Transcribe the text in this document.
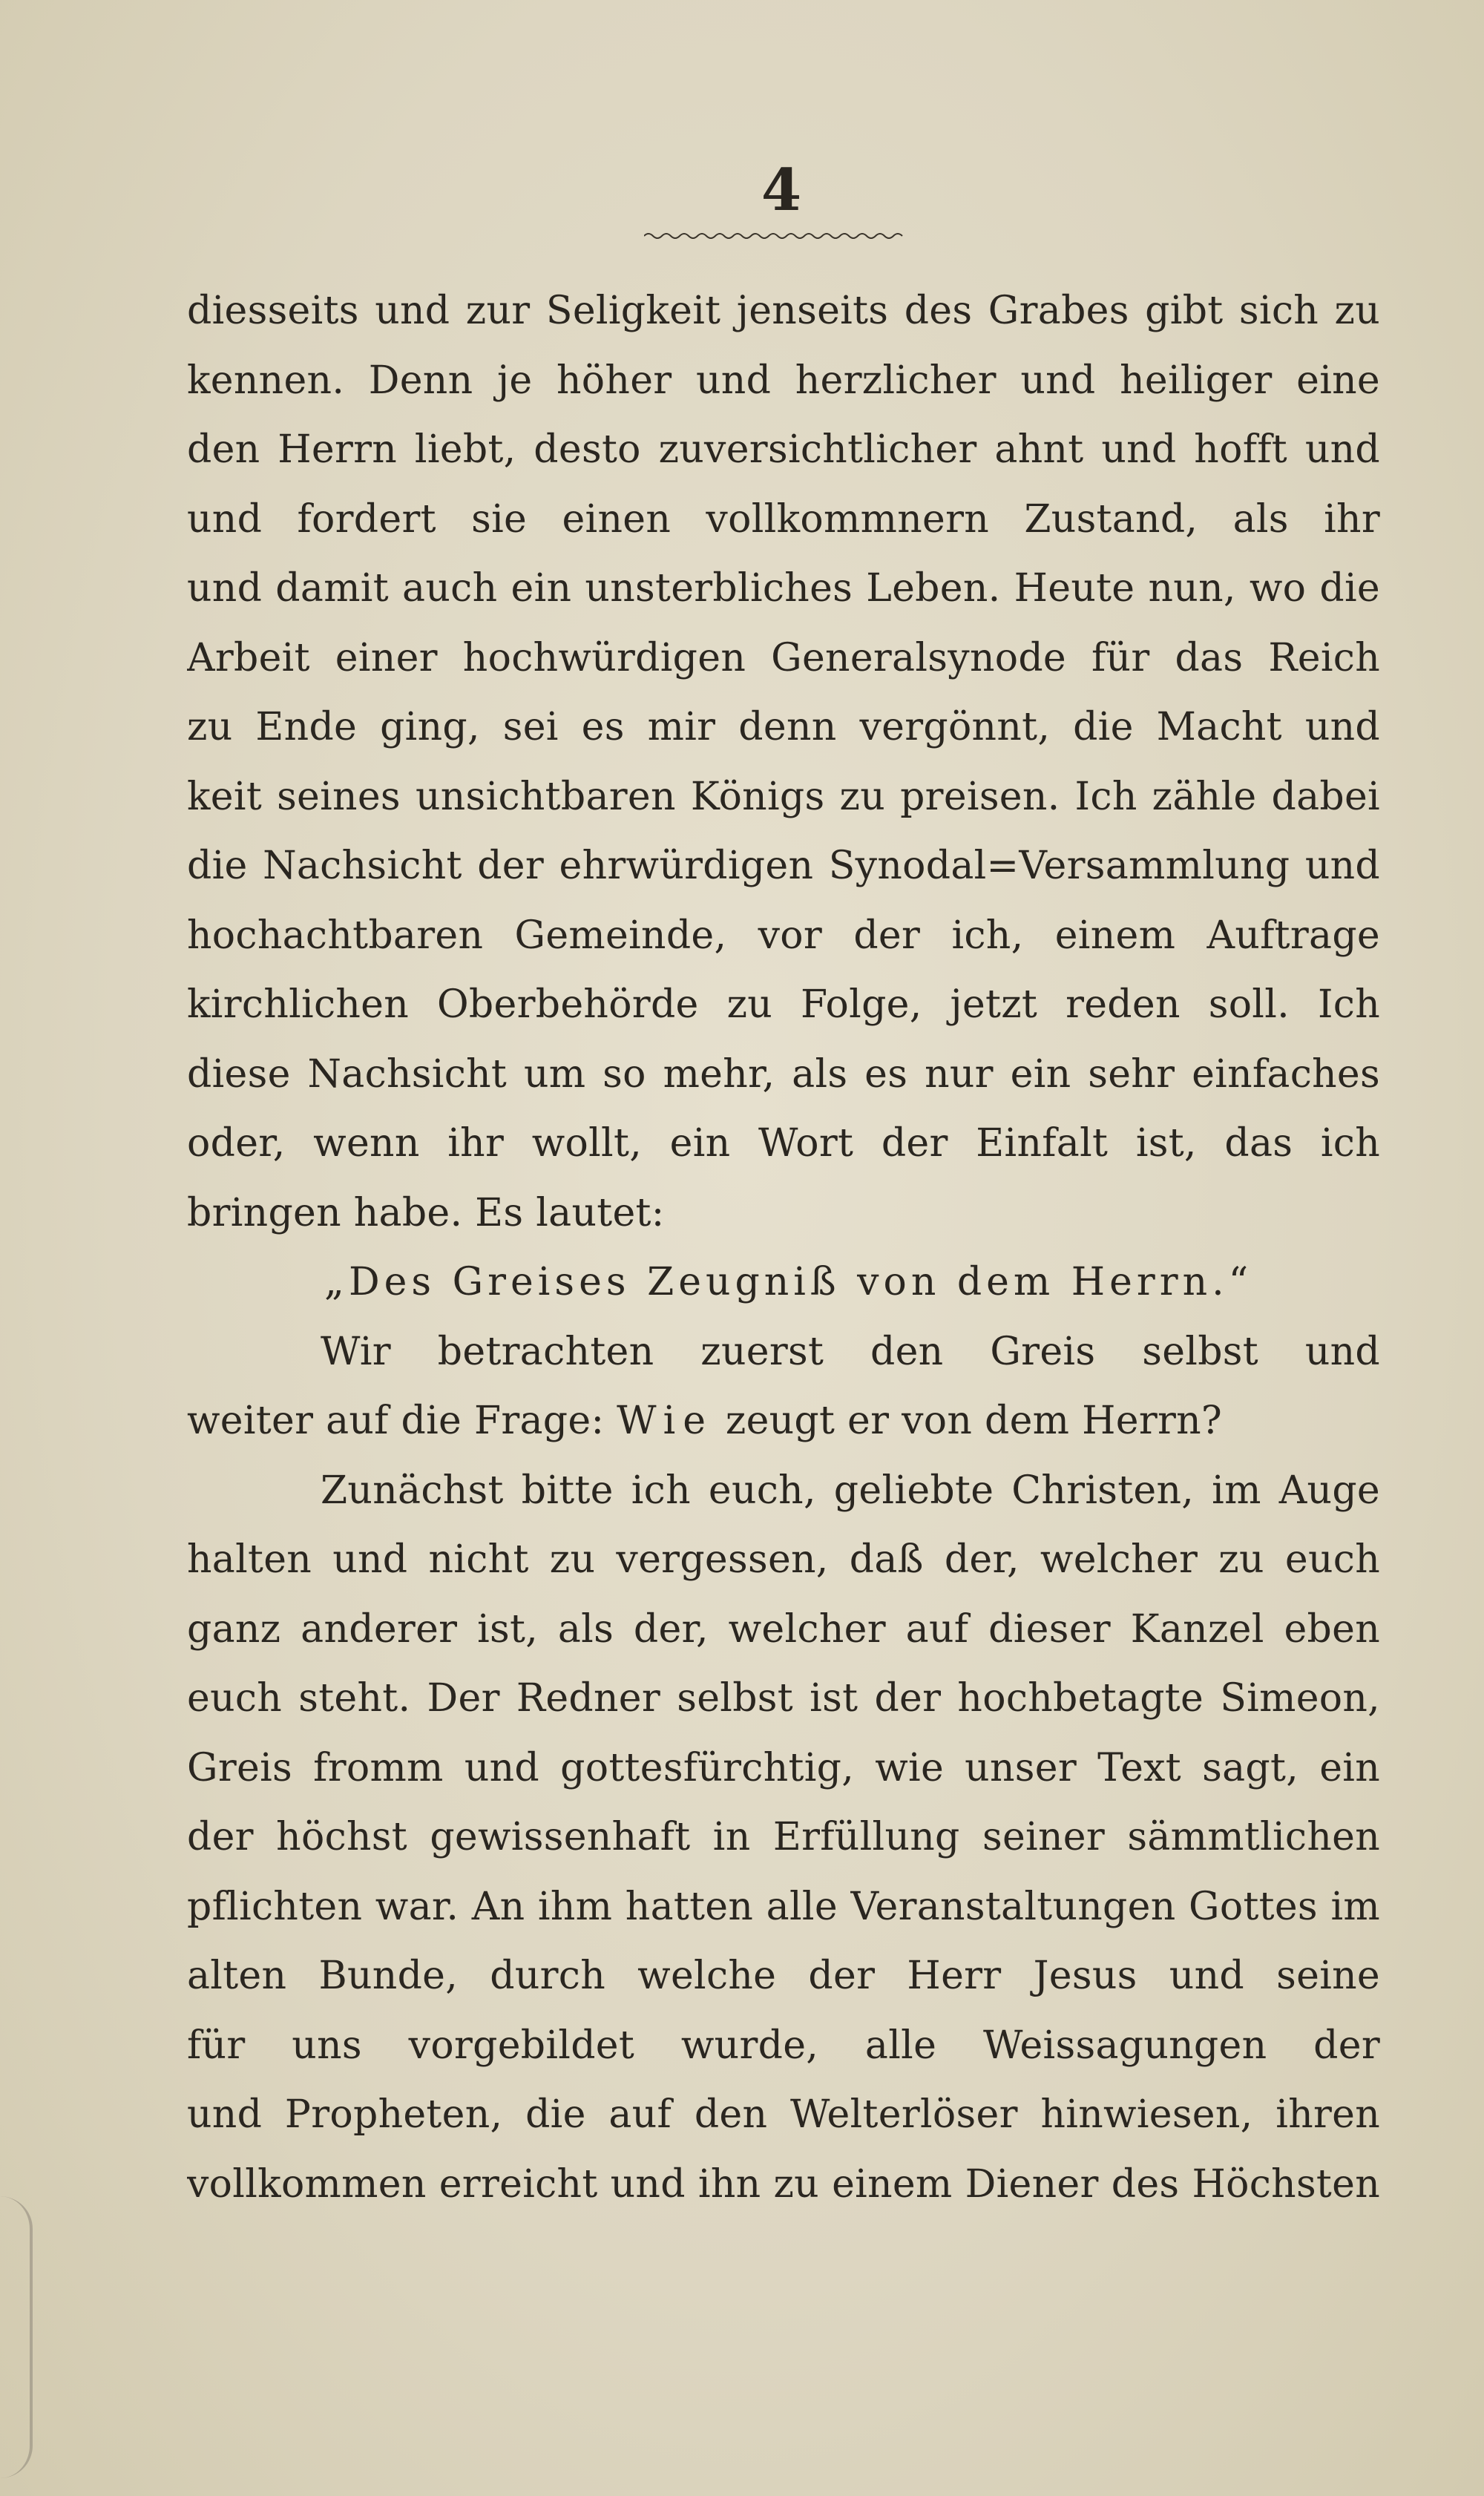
4
diesseits und zur Seligkeit jenseits des Grabes gibt sich zu
kennen. Denn je höher und herzlicher und heiliger eine
den Herrn liebt, desto zuversichtlicher ahnt und hofft und
und fordert sie einen vollkommnern Zustand, als ihr
und damit auch ein unsterbliches Leben. Heute nun, wo die
Arbeit einer hochwürdigen Generalsynode für das Reich
zu Ende ging, sei es mir denn vergönnt, die Macht und
keit seines unsichtbaren Königs zu preisen. Ich zähle dabei
die Nachsicht der ehrwürdigen Synodal=Versammlung und
hochachtbaren Gemeinde, vor der ich, einem Auftrage
kirchlichen Oberbehörde zu Folge, jetzt reden soll. Ich
diese Nachsicht um so mehr, als es nur ein sehr einfaches
oder, wenn ihr wollt, ein Wort der Einfalt ist, das ich
bringen habe. Es lautet:
„Des Greises Zeugniß von dem Herrn.“
Wir betrachten zuerst den Greis selbst und
weiter auf die Frage: Wie zeugt er von dem Herrn?
Zunächst bitte ich euch, geliebte Christen, im Auge
halten und nicht zu vergessen, daß der, welcher zu euch
ganz anderer ist, als der, welcher auf dieser Kanzel eben
euch steht. Der Redner selbst ist der hochbetagte Simeon,
Greis fromm und gottesfürchtig, wie unser Text sagt, ein
der höchst gewissenhaft in Erfüllung seiner sämmtlichen
pflichten war. An ihm hatten alle Veranstaltungen Gottes im
alten Bunde, durch welche der Herr Jesus und seine
für uns vorgebildet wurde, alle Weissagungen der
und Propheten, die auf den Welterlöser hinwiesen, ihren
vollkommen erreicht und ihn zu einem Diener des Höchsten
